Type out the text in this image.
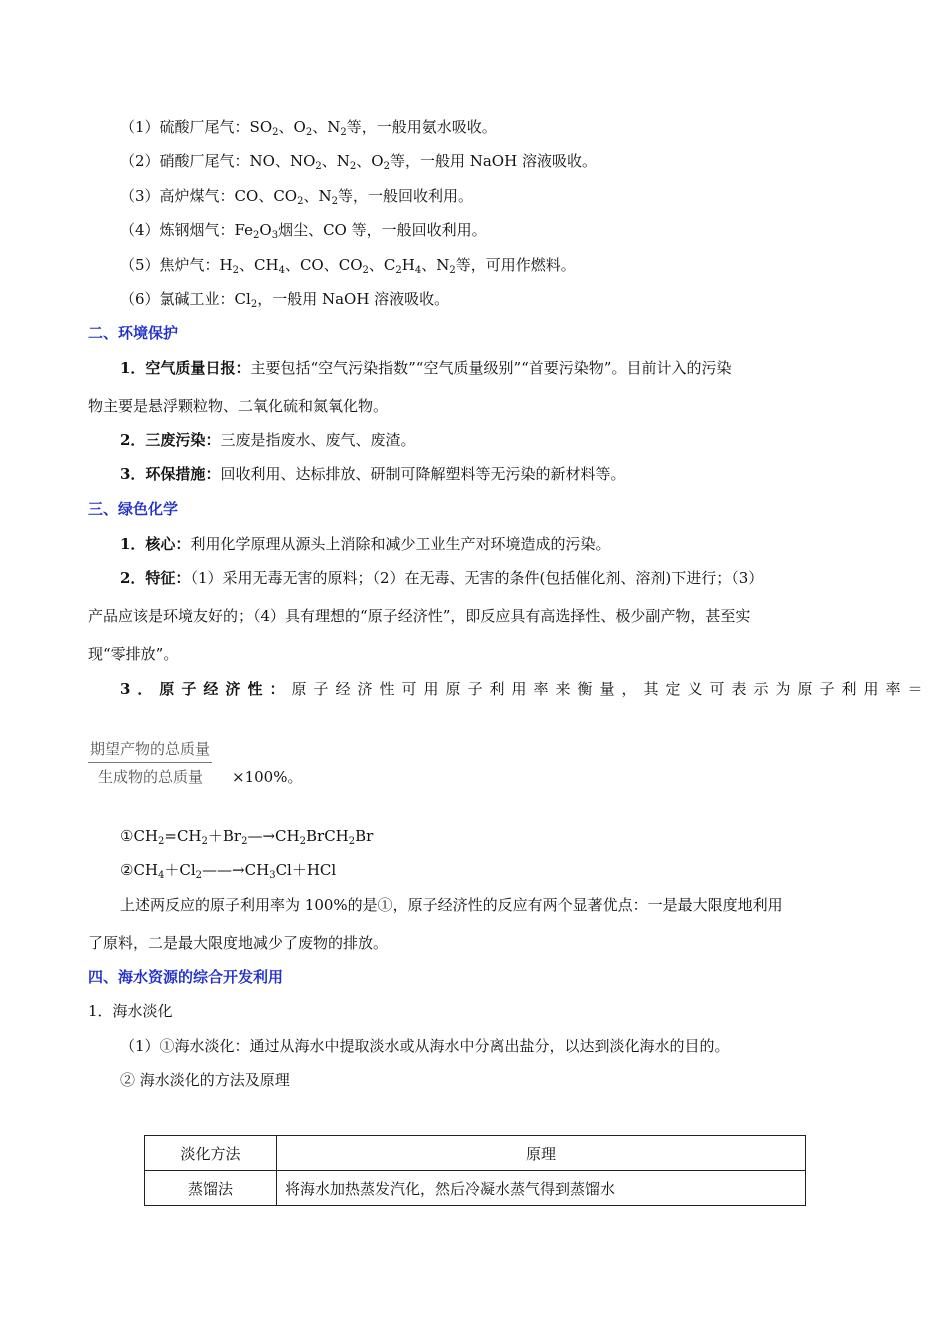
（1）硫酸厂尾气：$SO_2$、$O_2$、$N_2$等，一般用氨水吸收。
（2）硝酸厂尾气：NO、$NO_2$、$N_2$、$O_2$等，一般用 NaOH 溶液吸收。
（3）高炉煤气：CO、$CO_2$、$N_2$等，一般回收利用。
（4）炼钢烟气：$Fe_2O_3$烟尘、CO 等，一般回收利用。
（5）焦炉气：$H_2$、$CH_4$、CO、$CO_2$、$C_2H_4$、$N_2$等，可用作燃料。
（6）氯碱工业：$Cl_2$，一般用 NaOH 溶液吸收。
二、环境保护
1．空气质量日报：主要包括“空气污染指数”“空气质量级别”“首要污染物”。目前计入的污染
物主要是悬浮颗粒物、二氧化硫和氮氧化物。
2．三废污染：三废是指废水、废气、废渣。
3．环保措施：回收利用、达标排放、研制可降解塑料等无污染的新材料等。
三、绿色化学
1．核心：利用化学原理从源头上消除和减少工业生产对环境造成的污染。
2．特征：（1）采用无毒无害的原料；（2）在无毒、无害的条件(包括催化剂、溶剂)下进行；（3）
产品应该是环境友好的；（4）具有理想的“原子经济性”，即反应具有高选择性、极少副产物，甚至实
现“零排放”。
3．原子经济性：原子经济性可用原子利用率来衡量，其定义可表示为原子利用率＝
期望产物的总质量
生成物的总质量	×100%。
$①CH_2=CH_2+Br_2—\to CH_2BrCH_2Br$
$②CH_4+Cl_2——\to CH_3Cl+HCl$
上述两反应的原子利用率为 100%的是①，原子经济性的反应有两个显著优点：一是最大限度地利用
了原料，二是最大限度地减少了废物的排放。
四、海水资源的综合开发利用
1．海水淡化
（1）①海水淡化：通过从海水中提取淡水或从海水中分离出盐分，以达到淡化海水的目的。
② 海水淡化的方法及原理
淡化方法	原理
蒸馏法	将海水加热蒸发汽化，然后冷凝水蒸气得到蒸馏水
